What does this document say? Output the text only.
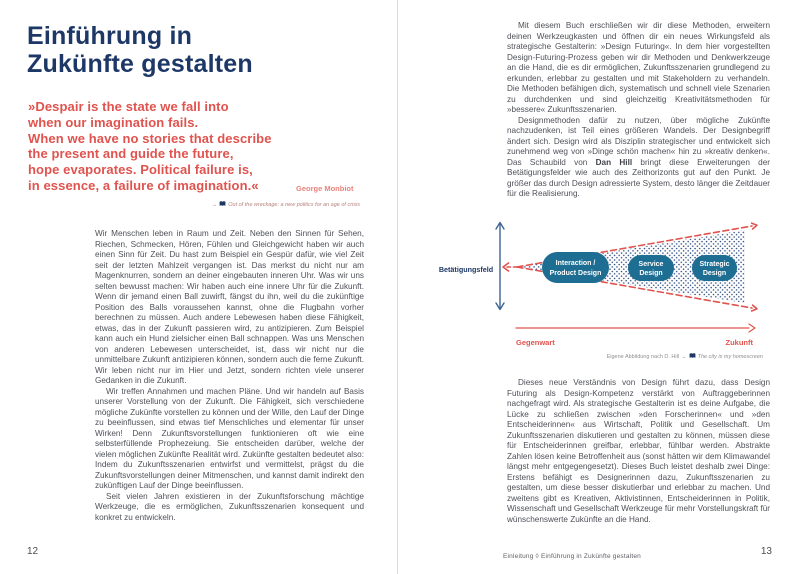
Einführung in
Zukünfte gestalten
»Despair is the state we fall into
when our imagination fails.
When we have no stories that describe
the present and guide the future,
hope evaporates. Political failure is,
in essence, a failure of imagination.«	George Monbiot
→ Out of the wreckage: a new politics for an age of crisis

Wir Menschen leben in Raum und Zeit. Neben den Sinnen für Sehen, Riechen, Schmecken, Hören, Fühlen und Gleichgewicht haben wir auch einen Sinn für Zeit. Du hast zum Beispiel ein Gespür dafür, wie viel Zeit seit der letzten Mahlzeit vergangen ist. Das merkst du nicht nur am Magenknurren, sondern an deiner eingebauten inneren Uhr. Was wir uns selten bewusst machen: Wir haben auch eine innere Uhr für die Zukunft. Wenn dir jemand einen Ball zuwirft, fängst du ihn, weil du die zukünftige Position des Balls voraussehen kannst, ohne die Flugbahn vorher berechnen zu müssen. Auch andere Lebewesen haben diese Fähigkeit, etwas, das in der Zukunft passieren wird, zu antizipieren. Zum Beispiel kann auch ein Hund zielsicher einen Ball schnappen. Was uns Menschen von anderen Lebewesen unterscheidet, ist, dass wir nicht nur die unmittelbare Zukunft antizipieren können, sondern auch die ferne Zukunft. Wir leben nicht nur im Hier und Jetzt, sondern richten viele unserer Gedanken in die Zukunft.

Wir treffen Annahmen und machen Pläne. Und wir handeln auf Basis unserer Vorstellung von der Zukunft. Die Fähigkeit, sich verschiedene mögliche Zukünfte vorstellen zu können und der Wille, den Lauf der Dinge zu beeinflussen, sind etwas tief Menschliches und elementar für unser Wirken! Denn Zukunftsvorstellungen funktionieren oft wie eine selbsterfüllende Prophezeiung. Sie entscheiden darüber, welche der vielen möglichen Zukünfte Realität wird. Zukünfte gestalten bedeutet also: Indem du Zukunftsszenarien entwirfst und vermittelst, prägst du die Zukunftsvorstellungen deiner Mitmenschen, und kannst damit indirekt den zukünftigen Lauf der Dinge beeinflussen.

Seit vielen Jahren existieren in der Zukunftsforschung mächtige Werkzeuge, die es ermöglichen, Zukunftsszenarien konsequent und konkret zu entwickeln.

12

Mit diesem Buch erschließen wir dir diese Methoden, erweitern deinen Werkzeugkasten und öffnen dir ein neues Wirkungsfeld als strategische Gestalterin: »Design Futuring«. In dem hier vorgestellten Design-Futuring-Prozess geben wir dir Methoden und Denkwerkzeuge an die Hand, die es dir ermöglichen, Zukunftsszenarien grundlegend zu erkunden, erlebbar zu gestalten und mit Stakeholdern zu verhandeln. Die Methoden befähigen dich, systematisch und schnell viele Szenarien zu durchdenken und sind gleichzeitig Kreativitätsmethoden für »bessere« Zukunftsszenarien.

Designmethoden dafür zu nutzen, über mögliche Zukünfte nachzudenken, ist Teil eines größeren Wandels. Der Designbegriff ändert sich. Design wird als Disziplin strategischer und entwickelt sich zunehmend weg von »Dinge schön machen« hin zu »kreativ denken«. Das Schaubild von Dan Hill bringt diese Erweiterungen der Betätigungsfelder wie auch des Zeithorizonts gut auf den Punkt. Je größer das durch Design adressierte System, desto länger die Zeitdauer für die Realisierung.

Betätigungsfeld
Interaction /
Product Design
Service
Design
Strategic
Design
Gegenwart	Zukunft
Eigene Abbildung nach D. Hill → The city is my homescreen

Dieses neue Verständnis von Design führt dazu, dass Design Futuring als Design-Kompetenz verstärkt von Auftraggeberinnen nachgefragt wird. Als strategische Gestalterin ist es deine Aufgabe, die Lücke zu schließen zwischen »den Forscherinnen« und »den Entscheiderinnen« aus Wirtschaft, Politik und Gesellschaft. Um Zukunftsszenarien diskutieren und gestalten zu können, müssen diese für Entscheiderinnen greifbar, erlebbar, fühlbar werden. Abstrakte Zahlen lösen keine Betroffenheit aus (sonst hätten wir dem Klimawandel längst mehr entgegengesetzt). Dieses Buch leistet deshalb zwei Dinge: Erstens befähigt es Designerinnen dazu, Zukunftsszenarien zu gestalten, um diese besser diskutierbar und erlebbar zu machen. Und zweitens gibt es Kreativen, Aktivistinnen, Entscheiderinnen in Politik, Wissenschaft und Gesellschaft Werkzeuge für mehr Vorstellungskraft für wünschenswerte Zukünfte an die Hand.

Einleitung ◊ Einführung in Zukünfte gestalten	13
